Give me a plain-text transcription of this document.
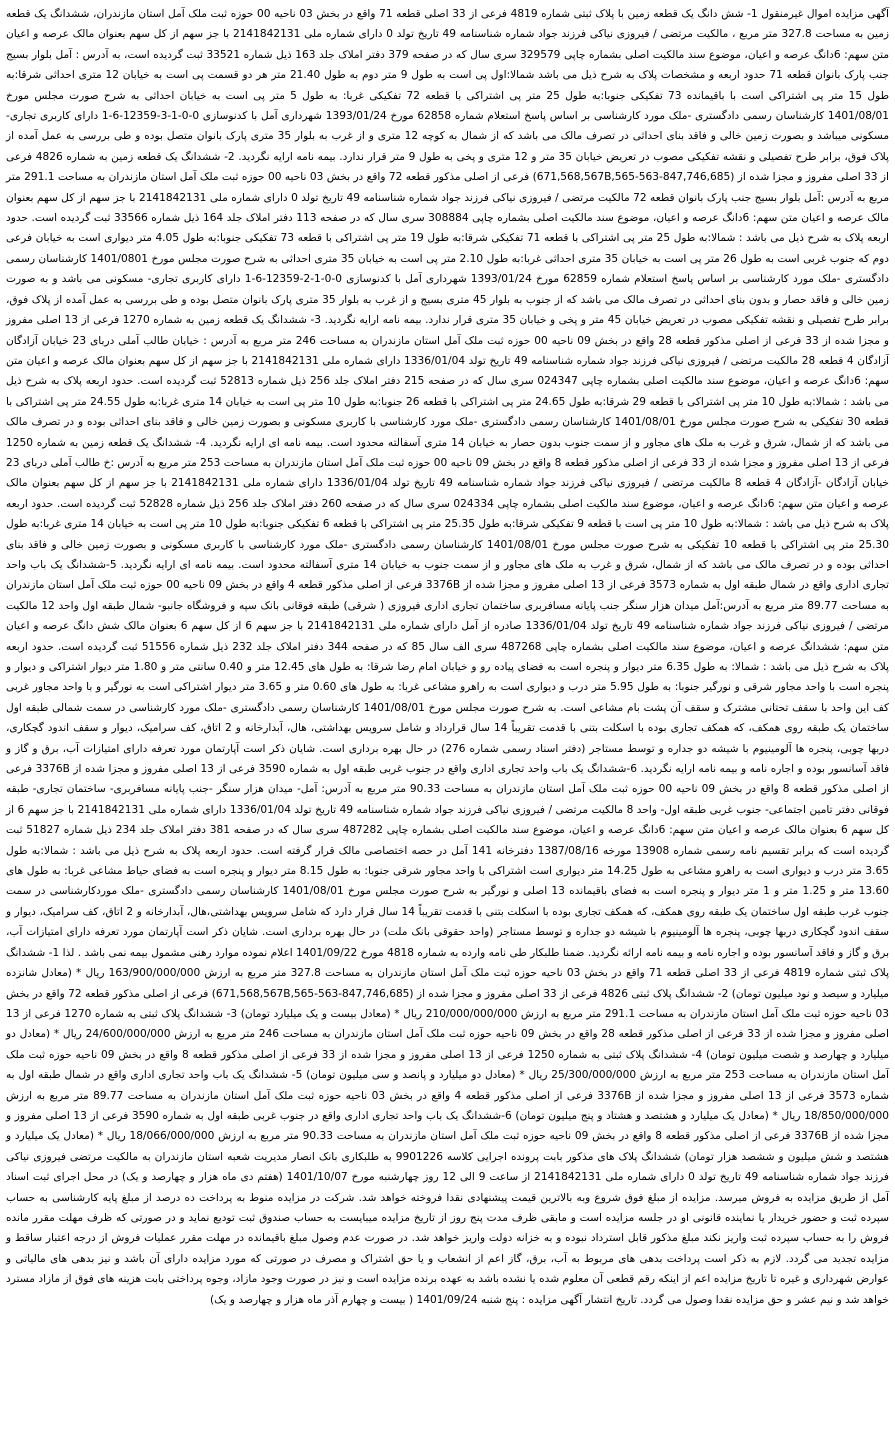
آگهی مزایده اموال غیرمنقول 1- شش دانگ یک قطعه زمین با پلاک ثبتی شماره 4819 فرعی از 33 اصلی قطعه 71 واقع در بخش 03 ناحیه 00 حوزه ثبت ملک آمل استان مازندران، ششدانگ یک قطعه زمین به مساحت 327.8 متر مربع ، مالکیت مرتضی / فیروزی نیاکی فرزند جواد شماره شناسنامه 49 تاریخ تولد 0 دارای شماره ملی 2141842131 با جز سهم از کل سهم بعنوان مالک عرصه و اعیان متن سهم: 6دانگ عرصه و اعیان، موضوع سند مالکیت اصلی بشماره چاپی 329579 سری سال که در صفحه 379 دفتر املاک جلد 163 ذیل شماره 33521 ثبت گردیده است، به آدرس : آمل بلوار بسیج جنب پارک بانوان قطعه 71 حدود اربعه و مشخصات پلاک به شرح ذیل می باشد شمالا:اول پی است به طول 9 متر دوم به طول 21.40 متر هر دو قسمت پی است به خیابان 12 متری احداثی شرقا:به طول 15 متر پی اشتراکی است با باقیمانده 73 تفکیکی جنوبا:به طول 25 متر پی اشتراکی با قطعه 72 تفکیکی غربا: به طول 5 متر پی است به خیابان احداثی به شرح صورت مجلس مورخ 1401/08/01 کارشناسان رسمی دادگستری -ملک مورد کارشناسی بر اساس پاسخ استعلام شماره 62858 مورخ 1393/01/24 شهرداری آمل با کدنوسازی 0-0-1-3-12359-6-1 دارای کاربری تجاری- مسکونی میباشد و بصورت زمین خالی و فاقد بنای احداثی در تصرف مالک می باشد که از شمال به کوچه 12 متری و از غرب به بلوار 35 متری پارک بانوان متصل بوده و طی بررسی به عمل آمده از پلاک فوق، برابر طرح تفصیلی و نقشه تفکیکی مصوب در تعریض خیابان 35 متر و 12 متری و پخی به طول 9 متر قرار ندارد. بیمه نامه ارایه نگردید. 2- ششدانگ یک قطعه زمین به شماره 4826 فرعی از 33 اصلی مفروز و مجزا شده از (671,568,567B,565-563-847,746,685) فرعی از اصلی مذکور قطعه 72 واقع در بخش 03 ناحیه 00 حوزه ثبت ملک آمل استان مازندران به مساحت 291.1 متر مربع به آدرس :آمل بلوار بسیج جنب پارک بانوان قطعه 72 مالکیت مرتضی / فیروزی نیاکی فرزند جواد شماره شناسنامه 49 تاریخ تولد 0 دارای شماره ملی 2141842131 با جز سهم از کل سهم بعنوان مالک عرصه و اعیان متن سهم: 6دانگ عرصه و اعیان، موضوع سند مالکیت اصلی بشماره چاپی 308884 سری سال که در صفحه 113 دفتر املاک جلد 164 ذیل شماره 33566 ثبت گردیده است. حدود اربعه پلاک به شرح ذیل می باشد : شمالا:به طول 25 متر پی اشتراکی با قطعه 71 تفکیکی شرقا:به طول 19 متر پی اشتراکی با قطعه 73 تفکیکی جنوبا:به طول 4.05 متر دیواری است به خیابان فرعی دوم که جنوب غربی است به طول 26 متر پی است به خیابان 35 متری احداثی غربا:به طول 2.10 متر پی است به خیابان 35 متری احداثی به شرح صورت مجلس مورخ 1401/0801 کارشناسان رسمی دادگستری -ملک مورد کارشناسی بر اساس پاسخ استعلام شماره 62859 مورخ 1393/01/24 شهرداری آمل با کدنوسازی 0-0-1-2-12359-6-1 دارای کاربری تجاری- مسکونی می باشد و به صورت زمین خالی و فاقد حصار و بدون بنای احداثی در تصرف مالک می باشد که از جنوب به بلوار 45 متری بسیج و از غرب به بلوار 35 متری پارک بانوان متصل بوده و طی بررسی به عمل آمده از پلاک فوق، برابر طرح تفصیلی و نقشه تفکیکی مصوب در تعریض خیابان 45 متر و پخی و خیابان 35 متری قرار ندارد. بیمه نامه ارایه نگردید. 3- ششدانگ یک قطعه زمین به شماره 1270 فرعی از 13 اصلی مفروز و مجزا شده از 33 فرعی از اصلی مذکور قطعه 28 واقع در بخش 09 ناحیه 00 حوزه ثبت ملک آمل استان مازندران به مساحت 246 متر مربع به آدرس : خیابان طالب آملی دربای 23 خیابان آزادگان آزادگان 4 قطعه 28 مالکیت مرتضی / فیروزی نیاکی فرزند جواد شماره شناسنامه 49 تاریخ تولد 1336/01/04 دارای شماره ملی 2141842131 با جز سهم از کل سهم بعنوان مالک عرصه و اعیان متن سهم: 6دانگ عرصه و اعیان، موضوع سند مالکیت اصلی بشماره چاپی 024347 سری سال که در صفحه 215 دفتر املاک جلد 256 ذیل شماره 52813 ثبت گردیده است. حدود اربعه پلاک به شرح ذیل می باشد : شمالا:به طول 10 متر پی اشتراکی با قطعه 29 شرقا:به طول 24.65 متر پی اشتراکی با قطعه 26 جنوبا:به طول 10 متر پی است به خیابان 14 متری غربا:به طول 24.55 متر پی اشتراکی با قطعه 30 تفکیکی به شرح صورت مجلس مورخ 1401/08/01 کارشناسان رسمی دادگستری -ملک مورد کارشناسی با کاربری مسکونی و بصورت زمین خالی و فاقد بنای احداثی بوده و در تصرف مالک می باشد که از شمال، شرق و غرب به ملک های مجاور و از سمت جنوب بدون حصار به خیابان 14 متری آسفالته محدود است. بیمه نامه ای ارایه نگردید. 4- ششدانگ یک قطعه زمین به شماره 1250 فرعی از 13 اصلی مفروز و مجزا شده از 33 فرعی از اصلی مذکور قطعه 8 واقع در بخش 09 ناحیه 00 حوزه ثبت ملک آمل استان مازندران به مساحت 253 متر مربع به آدرس :خ طالب آملی دربای 23 خیابان آزادگان -آزادگان 4 قطعه 8 مالکیت مرتضی / فیروزی نیاکی فرزند جواد شماره شناسنامه 49 تاریخ تولد 1336/01/04 دارای شماره ملی 2141842131 با جز سهم از کل سهم بعنوان مالک عرصه و اعیان متن سهم: 6دانگ عرصه و اعیان، موضوع سند مالکیت اصلی بشماره چاپی 024334 سری سال که در صفحه 260 دفتر املاک جلد 256 ذیل شماره 52828 ثبت گردیده است. حدود اربعه پلاک به شرح ذیل می باشد : شمالا:به طول 10 متر پی است با قطعه 9 تفکیکی شرقا:به طول 25.35 متر پی اشتراکی با قطعه 6 تفکیکی جنوبا:به طول 10 متر پی است به خیابان 14 متری غربا:به طول 25.30 متر پی اشتراکی با قطعه 10 تفکیکی به شرح صورت مجلس مورخ 1401/08/01 کارشناسان رسمی دادگستری -ملک مورد کارشناسی با کاربری مسکونی و بصورت زمین خالی و فاقد بنای احداثی بوده و در تصرف مالک می باشد که از شمال، شرق و غرب به ملک های مجاور و از سمت جنوب به خیابان 14 متری آسفالته محدود است. بیمه نامه ای ارایه نگردید. 5-ششدانگ یک باب واحد تجاری اداری واقع در شمال طبقه اول به شماره 3573 فرعی از 13 اصلی مفروز و مجزا شده از 3376B فرعی از اصلی مذکور قطعه 4 واقع در بخش 09 ناحیه 00 حوزه ثبت ملک آمل استان مازندران به مساحت 89.77 متر مربع به آدرس:آمل میدان هزار سنگر جنب پایانه مسافربری ساختمان تجاری اداری فیروزی ( شرقی) طبقه فوقانی بانک سپه و فروشگاه جانبو- شمال طبقه اول واحد 12 مالکیت مرتضی / فیروزی نیاکی فرزند جواد شماره شناسنامه 49 تاریخ تولد 1336/01/04 صادره از آمل دارای شماره ملی 2141842131 با جز سهم 6 از کل سهم 6 بعنوان مالک شش دانگ عرصه و اعیان متن سهم: ششدانگ عرصه و اعیان، موضوع سند مالکیت اصلی بشماره چاپی 487268 سری الف سال 85 که در صفحه 344 دفتر املاک جلد 232 ذیل شماره 51556 ثبت گردیده است. حدود اربعه پلاک به شرح ذیل می باشد : شمالا: به طول 6.35 متر دیوار و پنجره است به فضای پیاده رو و خیابان امام رضا شرقا: به طول های 12.45 متر و 0.40 سانتی متر و 1.80 متر دیوار اشتراکی و دیوار و پنجره است با واحد مجاور شرقی و نورگیر جنوبا: به طول 5.95 متر درب و دیواری است به راهرو مشاعی غربا: به طول های 0.60 متر و 3.65 متر دیوار اشتراکی است به نورگیر و با واحد مجاور غربی کف این واحد با سقف تحتانی مشترک و سقف آن پشت بام مشاعی است. به شرح صورت مجلس مورخ 1401/08/01 کارشناسان رسمی دادگستری -ملک مورد کارشناسی در سمت شمالی طبقه اول ساختمان یک طبقه روی همکف، که همکف تجاری بوده با اسکلت بتنی با قدمت تقریباً 14 سال قرارداد و شامل سرویس بهداشتی، هال، آبدارخانه و 2 اتاق، کف سرامیک، دیوار و سقف اندود گچکاری، دربها چوبی، پنجره ها آلومینیوم با شیشه دو جداره و توسط مستاجر (دفتر اسناد رسمی شماره 276) در حال بهره برداری است. شایان ذکر است آپارتمان مورد تعرفه دارای امتیازات آب، برق و گاز و فاقد آسانسور بوده و اجاره نامه و بیمه نامه ارایه نگردید. 6-ششدانگ یک باب واحد تجاری اداری واقع در جنوب غربی طبقه اول به شماره 3590 فرعی از 13 اصلی مفروز و مجزا شده از 3376B فرعی از اصلی مذکور قطعه 8 واقع در بخش 09 ناحیه 00 حوزه ثبت ملک آمل استان مازندران به مساحت 90.33 متر مربع به آدرس: آمل- میدان هزار سنگر -جنب پایانه مسافربری- ساختمان تجاری- طبقه فوقانی دفتر تامین اجتماعی- جنوب غربی طبقه اول- واحد 8 مالکیت مرتضی / فیروزی نیاکی فرزند جواد شماره شناسنامه 49 تاریخ تولد 1336/01/04 دارای شماره ملی 2141842131 با جز سهم 6 از کل سهم 6 بعنوان مالک عرصه و اعیان متن سهم: 6دانگ عرصه و اعیان، موضوع سند مالکیت اصلی بشماره چاپی 487282 سری سال که در صفحه 381 دفتر املاک جلد 234 ذیل شماره 51827 ثبت گردیده است که برابر تقسیم نامه رسمی شماره 13908 مورخه 1387/08/16 دفترخانه 141 آمل در حصه اختصاصی مالک قرار گرفته است. حدود اربعه پلاک به شرح ذیل می باشد : شمالا:به طول 3.65 متر درب و دیواری است به راهرو مشاعی به طول 14.25 متر دیواری است اشتراکی با واحد مجاور شرقی جنوبا: به طول 8.15 متر دیوار و پنجره است به فضای حیاط مشاعی غربا: به طول های 13.60 متر و 1.25 متر و 1 متر دیوار و پنجره است به فضای باقیمانده 13 اصلی و نورگیر به شرح صورت مجلس مورخ 1401/08/01 کارشناسان رسمی دادگستری -ملک موردکارشناسی در سمت جنوب غرب طبقه اول ساختمان یک طبقه روی همکف، که همکف تجاری بوده با اسکلت بتنی با قدمت تقریباً 14 سال قرار دارد که شامل سرویس بهداشتی،هال، آبدارخانه و 2 اتاق، کف سرامیک، دیوار و سقف اندود گچکاری دربها چوبی، پنجره ها آلومینیوم با شیشه دو جداره و توسط مستاجر (واحد حقوقی بانک ملت) در حال بهره برداری است. شایان ذکر است آپارتمان مورد تعرفه دارای امتیازات آب، برق و گاز و فاقد آسانسور بوده و اجاره نامه و بیمه نامه ارائه نگردید. ضمنا طلبکار طی نامه وارده به شماره 4818 مورخ 1401/09/22 اعلام نموده موارد رهنی مشمول بیمه نمی باشد . لذا 1- ششدانگ پلاک ثبتی شماره 4819 فرعی از 33 اصلی قطعه 71 واقع در بخش 03 ناحیه حوزه ثبت ملک آمل استان مازندران به مساحت 327.8 متر مربع به ارزش 163/900/000/000 ریال * (معادل شانزده میلیارد و سیصد و نود میلیون تومان) 2- ششدانگ پلاک ثبتی 4826 فرعی از 33 اصلی مفروز و مجزا شده از (671,568,567B,565-563-847,746,685) فرعی از اصلی مذکور قطعه 72 واقع در بخش 03 ناحیه حوزه ثبت ملک آمل استان مازندران به مساحت 291.1 متر مربع به ارزش 210/000/000/000 ریال * (معادل بیست و یک میلیارد تومان) 3- ششدانگ پلاک ثبتی به شماره 1270 فرعی از 13 اصلی مفروز و مجزا شده از 33 فرعی از اصلی مذکور قطعه 28 واقع در بخش 09 ناحیه حوزه ثبت ملک آمل استان مازندران به مساحت 246 متر مربع به ارزش 24/600/000/000 ریال * (معادل دو میلیارد و چهارصد و شصت میلیون تومان) 4- ششدانگ پلاک ثبتی به شماره 1250 فرعی از 13 اصلی مفروز و مجزا شده از 33 فرعی از اصلی مذکور قطعه 8 واقع در بخش 09 ناحیه حوزه ثبت ملک آمل استان مازندران به مساحت 253 متر مربع به ارزش 25/300/000/000 ریال * (معادل دو میلیارد و پانصد و سی میلیون تومان) 5- ششدانگ یک باب واحد تجاری اداری واقع در شمال طبقه اول به شماره 3573 فرعی از 13 اصلی مفروز و مجزا شده از 3376B فرعی از اصلی مذکور قطعه 4 واقع در بخش 03 ناحیه حوزه ثبت ملک آمل استان مازندران به مساحت 89.77 متر مربع به ارزش 18/850/000/000 ریال * (معادل یک میلیارد و هشتصد و هشتاد و پنج میلیون تومان) 6-ششدانگ یک باب واحد تجاری اداری واقع در جنوب غربی طبقه اول به شماره 3590 فرعی از 13 اصلی مفروز و مجزا شده از 3376B فرعی از اصلی مذکور قطعه 8 واقع در بخش 09 ناحیه حوزه ثبت ملک آمل استان مازندران به مساحت 90.33 متر مربع به ارزش 18/066/000/000 ریال * (معادل یک میلیارد و هشتصد و شش میلیون و ششصد هزار تومان) ششدانگ پلاک های مذکور بابت پرونده اجرایی کلاسه 9901226 به طلبکاری بانک انصار مدیریت شعبه استان مازندران به مالکیت مرتضی فیروزی نیاکی فرزند جواد شماره شناسنامه 49 تاریخ تولد 0 دارای شماره ملی 2141842131 از ساعت 9 الی 12 روز چهارشنبه مورخ 1401/10/07 (هفتم دی ماه هزار و چهارصد و یک) در محل اجرای ثبت اسناد آمل از طریق مزایده به فروش میرسد. مزایده از مبلغ فوق شروع وبه بالاترین قیمت پیشنهادی نقدا فروخته خواهد شد. شرکت در مزایده منوط به پرداخت ده درصد از مبلغ پایه کارشناسی به حساب سپرده ثبت و حضور خریدار یا نماینده قانونی او در جلسه مزایده است و مابقی ظرف مدت پنج روز از تاریخ مزایده میبایست به حساب صندوق ثبت تودیع نماید و در صورتی که ظرف مهلت مقرر مانده فروش را به حساب سپرده ثبت واریز نکند مبلغ مذکور قابل استرداد نبوده و به خزانه دولت واریز خواهد شد. در صورت عدم وصول مبلغ باقیمانده در مهلت مقرر عملیات فروش از درجه اعتبار ساقط و مزایده تجدید می گردد. لازم به ذکر است پرداخت بدهی های مربوط به آب، برق، گاز اعم از انشعاب و یا حق اشتراک و مصرف در صورتی که مورد مزایده دارای آن باشد و نیز بدهی های مالیاتی و عوارض شهرداری و غیره تا تاریخ مزایده اعم از اینکه رقم قطعی آن معلوم شده یا نشده باشد به عهده برنده مزایده است و نیز در صورت وجود مازاد، وجوه پرداختی بابت هزینه های فوق از مازاد مسترد خواهد شد و نیم عشر و حق مزایده نقدا وصول می گردد. تاریخ انتشار آگهی مزایده : پنج شنبه 1401/09/24 ( بیست و چهارم آذر ماه هزار و چهارصد و یک)
